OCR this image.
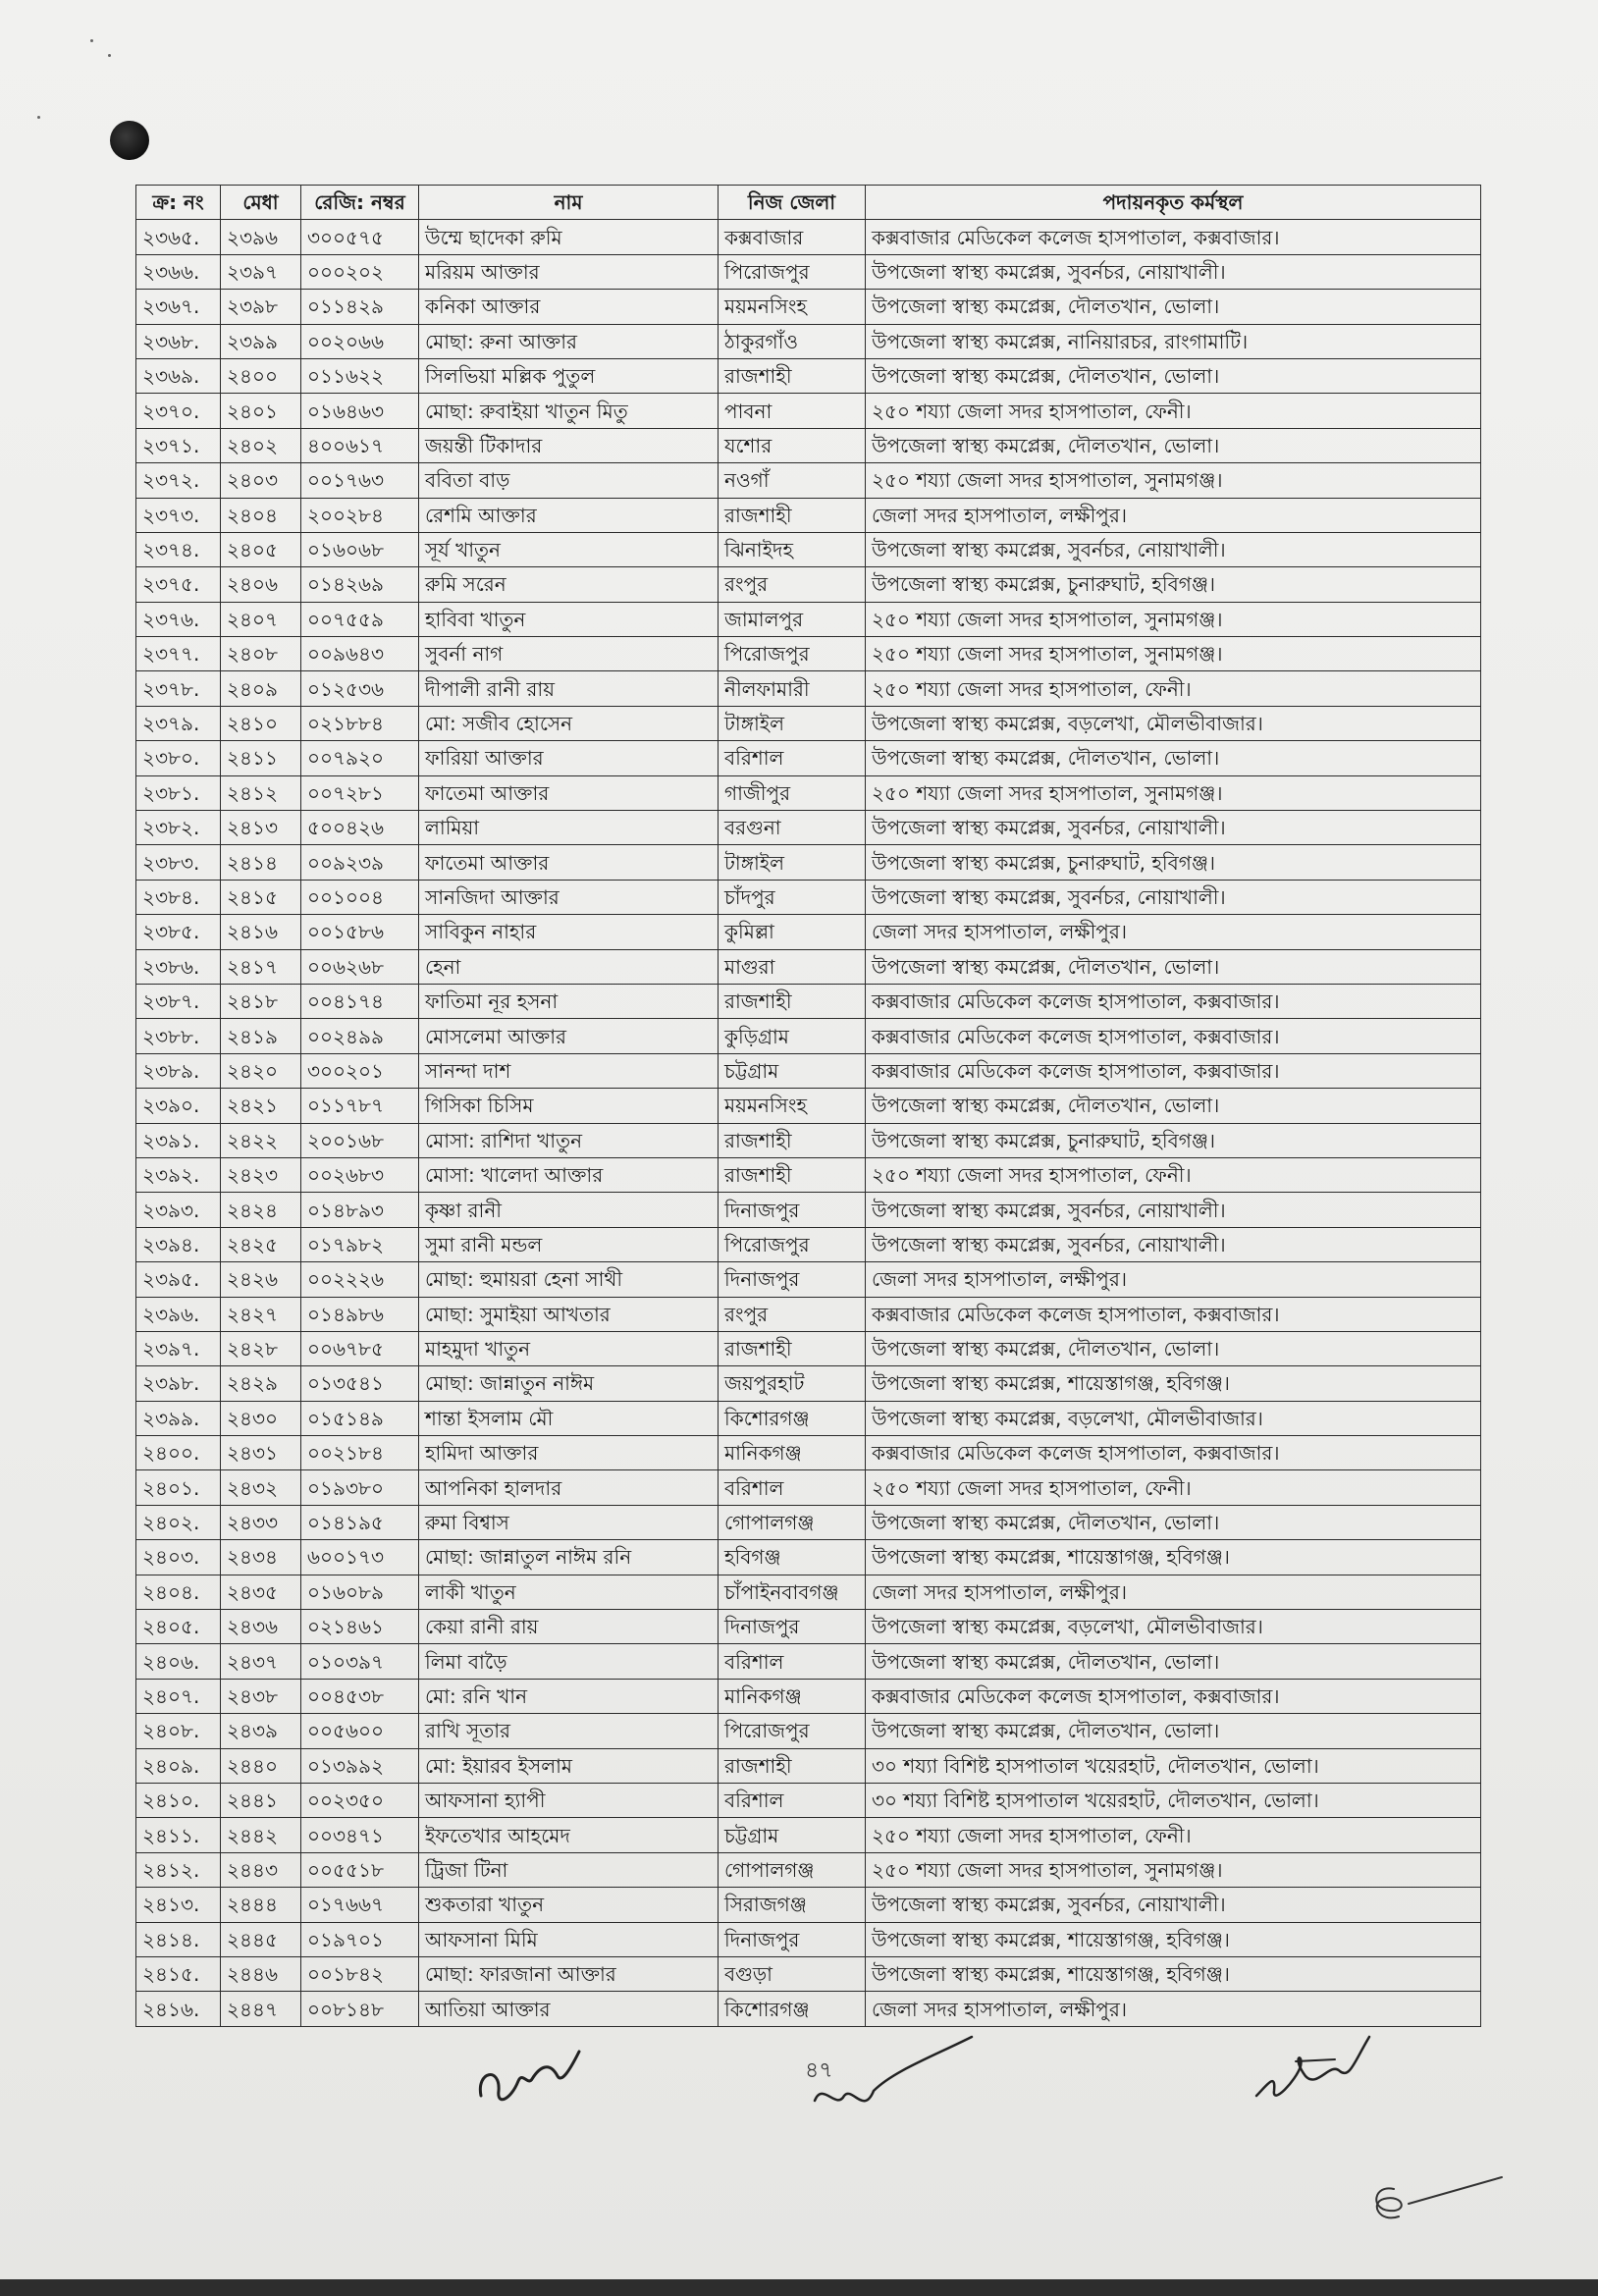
ক্র: নং	মেধা	রেজি: নম্বর	নাম	নিজ জেলা	পদায়নকৃত কর্মস্থল
২৩৬৫.	২৩৯৬	৩০০৫৭৫	উম্মে ছাদেকা রুমি	কক্সবাজার	কক্সবাজার মেডিকেল কলেজ হাসপাতাল, কক্সবাজার।
২৩৬৬.	২৩৯৭	০০০২০২	মরিয়ম আক্তার	পিরোজপুর	উপজেলা স্বাস্থ্য কমপ্লেক্স, সুবর্নচর, নোয়াখালী।
২৩৬৭.	২৩৯৮	০১১৪২৯	কনিকা আক্তার	ময়মনসিংহ	উপজেলা স্বাস্থ্য কমপ্লেক্স, দৌলতখান, ভোলা।
২৩৬৮.	২৩৯৯	০০২০৬৬	মোছা: রুনা আক্তার	ঠাকুরগাঁও	উপজেলা স্বাস্থ্য কমপ্লেক্স, নানিয়ারচর, রাংগামাটি।
২৩৬৯.	২৪০০	০১১৬২২	সিলভিয়া মল্লিক পুতুল	রাজশাহী	উপজেলা স্বাস্থ্য কমপ্লেক্স, দৌলতখান, ভোলা।
২৩৭০.	২৪০১	০১৬৪৬৩	মোছা: রুবাইয়া খাতুন মিতু	পাবনা	২৫০ শয্যা জেলা সদর হাসপাতাল, ফেনী।
২৩৭১.	২৪০২	৪০০৬১৭	জয়ন্তী টিকাদার	যশোর	উপজেলা স্বাস্থ্য কমপ্লেক্স, দৌলতখান, ভোলা।
২৩৭২.	২৪০৩	০০১৭৬৩	ববিতা বাড়	নওগাঁ	২৫০ শয্যা জেলা সদর হাসপাতাল, সুনামগঞ্জ।
২৩৭৩.	২৪০৪	২০০২৮৪	রেশমি আক্তার	রাজশাহী	জেলা সদর হাসপাতাল, লক্ষীপুর।
২৩৭৪.	২৪০৫	০১৬০৬৮	সূর্য খাতুন	ঝিনাইদহ	উপজেলা স্বাস্থ্য কমপ্লেক্স, সুবর্নচর, নোয়াখালী।
২৩৭৫.	২৪০৬	০১৪২৬৯	রুমি সরেন	রংপুর	উপজেলা স্বাস্থ্য কমপ্লেক্স, চুনারুঘাট, হবিগঞ্জ।
২৩৭৬.	২৪০৭	০০৭৫৫৯	হাবিবা খাতুন	জামালপুর	২৫০ শয্যা জেলা সদর হাসপাতাল, সুনামগঞ্জ।
২৩৭৭.	২৪০৮	০০৯৬৪৩	সুবর্না নাগ	পিরোজপুর	২৫০ শয্যা জেলা সদর হাসপাতাল, সুনামগঞ্জ।
২৩৭৮.	২৪০৯	০১২৫৩৬	দীপালী রানী রায়	নীলফামারী	২৫০ শয্যা জেলা সদর হাসপাতাল, ফেনী।
২৩৭৯.	২৪১০	০২১৮৮৪	মো: সজীব হোসেন	টাঙ্গাইল	উপজেলা স্বাস্থ্য কমপ্লেক্স, বড়লেখা, মৌলভীবাজার।
২৩৮০.	২৪১১	০০৭৯২০	ফারিয়া আক্তার	বরিশাল	উপজেলা স্বাস্থ্য কমপ্লেক্স, দৌলতখান, ভোলা।
২৩৮১.	২৪১২	০০৭২৮১	ফাতেমা আক্তার	গাজীপুর	২৫০ শয্যা জেলা সদর হাসপাতাল, সুনামগঞ্জ।
২৩৮২.	২৪১৩	৫০০৪২৬	লামিয়া	বরগুনা	উপজেলা স্বাস্থ্য কমপ্লেক্স, সুবর্নচর, নোয়াখালী।
২৩৮৩.	২৪১৪	০০৯২৩৯	ফাতেমা আক্তার	টাঙ্গাইল	উপজেলা স্বাস্থ্য কমপ্লেক্স, চুনারুঘাট, হবিগঞ্জ।
২৩৮৪.	২৪১৫	০০১০০৪	সানজিদা আক্তার	চাঁদপুর	উপজেলা স্বাস্থ্য কমপ্লেক্স, সুবর্নচর, নোয়াখালী।
২৩৮৫.	২৪১৬	০০১৫৮৬	সাবিকুন নাহার	কুমিল্লা	জেলা সদর হাসপাতাল, লক্ষীপুর।
২৩৮৬.	২৪১৭	০০৬২৬৮	হেনা	মাগুরা	উপজেলা স্বাস্থ্য কমপ্লেক্স, দৌলতখান, ভোলা।
২৩৮৭.	২৪১৮	০০৪১৭৪	ফাতিমা নূর হসনা	রাজশাহী	কক্সবাজার মেডিকেল কলেজ হাসপাতাল, কক্সবাজার।
২৩৮৮.	২৪১৯	০০২৪৯৯	মোসলেমা আক্তার	কুড়িগ্রাম	কক্সবাজার মেডিকেল কলেজ হাসপাতাল, কক্সবাজার।
২৩৮৯.	২৪২০	৩০০২০১	সানন্দা দাশ	চট্টগ্রাম	কক্সবাজার মেডিকেল কলেজ হাসপাতাল, কক্সবাজার।
২৩৯০.	২৪২১	০১১৭৮৭	গিসিকা চিসিম	ময়মনসিংহ	উপজেলা স্বাস্থ্য কমপ্লেক্স, দৌলতখান, ভোলা।
২৩৯১.	২৪২২	২০০১৬৮	মোসা: রাশিদা খাতুন	রাজশাহী	উপজেলা স্বাস্থ্য কমপ্লেক্স, চুনারুঘাট, হবিগঞ্জ।
২৩৯২.	২৪২৩	০০২৬৮৩	মোসা: খালেদা আক্তার	রাজশাহী	২৫০ শয্যা জেলা সদর হাসপাতাল, ফেনী।
২৩৯৩.	২৪২৪	০১৪৮৯৩	কৃষ্ণা রানী	দিনাজপুর	উপজেলা স্বাস্থ্য কমপ্লেক্স, সুবর্নচর, নোয়াখালী।
২৩৯৪.	২৪২৫	০১৭৯৮২	সুমা রানী মন্ডল	পিরোজপুর	উপজেলা স্বাস্থ্য কমপ্লেক্স, সুবর্নচর, নোয়াখালী।
২৩৯৫.	২৪২৬	০০২২২৬	মোছা: হুমায়রা হেনা সাথী	দিনাজপুর	জেলা সদর হাসপাতাল, লক্ষীপুর।
২৩৯৬.	২৪২৭	০১৪৯৮৬	মোছা: সুমাইয়া আখতার	রংপুর	কক্সবাজার মেডিকেল কলেজ হাসপাতাল, কক্সবাজার।
২৩৯৭.	২৪২৮	০০৬৭৮৫	মাহমুদা খাতুন	রাজশাহী	উপজেলা স্বাস্থ্য কমপ্লেক্স, দৌলতখান, ভোলা।
২৩৯৮.	২৪২৯	০১৩৫৪১	মোছা: জান্নাতুন নাঈম	জয়পুরহাট	উপজেলা স্বাস্থ্য কমপ্লেক্স, শায়েস্তাগঞ্জ, হবিগঞ্জ।
২৩৯৯.	২৪৩০	০১৫১৪৯	শান্তা ইসলাম মৌ	কিশোরগঞ্জ	উপজেলা স্বাস্থ্য কমপ্লেক্স, বড়লেখা, মৌলভীবাজার।
২৪০০.	২৪৩১	০০২১৮৪	হামিদা আক্তার	মানিকগঞ্জ	কক্সবাজার মেডিকেল কলেজ হাসপাতাল, কক্সবাজার।
২৪০১.	২৪৩২	০১৯৩৮০	আপনিকা হালদার	বরিশাল	২৫০ শয্যা জেলা সদর হাসপাতাল, ফেনী।
২৪০২.	২৪৩৩	০১৪১৯৫	রুমা বিশ্বাস	গোপালগঞ্জ	উপজেলা স্বাস্থ্য কমপ্লেক্স, দৌলতখান, ভোলা।
২৪০৩.	২৪৩৪	৬০০১৭৩	মোছা: জান্নাতুল নাঈম রনি	হবিগঞ্জ	উপজেলা স্বাস্থ্য কমপ্লেক্স, শায়েস্তাগঞ্জ, হবিগঞ্জ।
২৪০৪.	২৪৩৫	০১৬০৮৯	লাকী খাতুন	চাঁপাইনবাবগঞ্জ	জেলা সদর হাসপাতাল, লক্ষীপুর।
২৪০৫.	২৪৩৬	০২১৪৬১	কেয়া রানী রায়	দিনাজপুর	উপজেলা স্বাস্থ্য কমপ্লেক্স, বড়লেখা, মৌলভীবাজার।
২৪০৬.	২৪৩৭	০১০৩৯৭	লিমা বাড়ৈ	বরিশাল	উপজেলা স্বাস্থ্য কমপ্লেক্স, দৌলতখান, ভোলা।
২৪০৭.	২৪৩৮	০০৪৫৩৮	মো: রনি খান	মানিকগঞ্জ	কক্সবাজার মেডিকেল কলেজ হাসপাতাল, কক্সবাজার।
২৪০৮.	২৪৩৯	০০৫৬০০	রাখি সূতার	পিরোজপুর	উপজেলা স্বাস্থ্য কমপ্লেক্স, দৌলতখান, ভোলা।
২৪০৯.	২৪৪০	০১৩৯৯২	মো: ইয়ারব ইসলাম	রাজশাহী	৩০ শয্যা বিশিষ্ট হাসপাতাল খয়েরহাট, দৌলতখান, ভোলা।
২৪১০.	২৪৪১	০০২৩৫০	আফসানা হ্যাপী	বরিশাল	৩০ শয্যা বিশিষ্ট হাসপাতাল খয়েরহাট, দৌলতখান, ভোলা।
২৪১১.	২৪৪২	০০৩৪৭১	ইফতেখার আহমেদ	চট্টগ্রাম	২৫০ শয্যা জেলা সদর হাসপাতাল, ফেনী।
২৪১২.	২৪৪৩	০০৫৫১৮	ট্রিজা টিনা	গোপালগঞ্জ	২৫০ শয্যা জেলা সদর হাসপাতাল, সুনামগঞ্জ।
২৪১৩.	২৪৪৪	০১৭৬৬৭	শুকতারা খাতুন	সিরাজগঞ্জ	উপজেলা স্বাস্থ্য কমপ্লেক্স, সুবর্নচর, নোয়াখালী।
২৪১৪.	২৪৪৫	০১৯৭০১	আফসানা মিমি	দিনাজপুর	উপজেলা স্বাস্থ্য কমপ্লেক্স, শায়েস্তাগঞ্জ, হবিগঞ্জ।
২৪১৫.	২৪৪৬	০০১৮৪২	মোছা: ফারজানা আক্তার	বগুড়া	উপজেলা স্বাস্থ্য কমপ্লেক্স, শায়েস্তাগঞ্জ, হবিগঞ্জ।
২৪১৬.	২৪৪৭	০০৮১৪৮	আতিয়া আক্তার	কিশোরগঞ্জ	জেলা সদর হাসপাতাল, লক্ষীপুর।
৪৭
